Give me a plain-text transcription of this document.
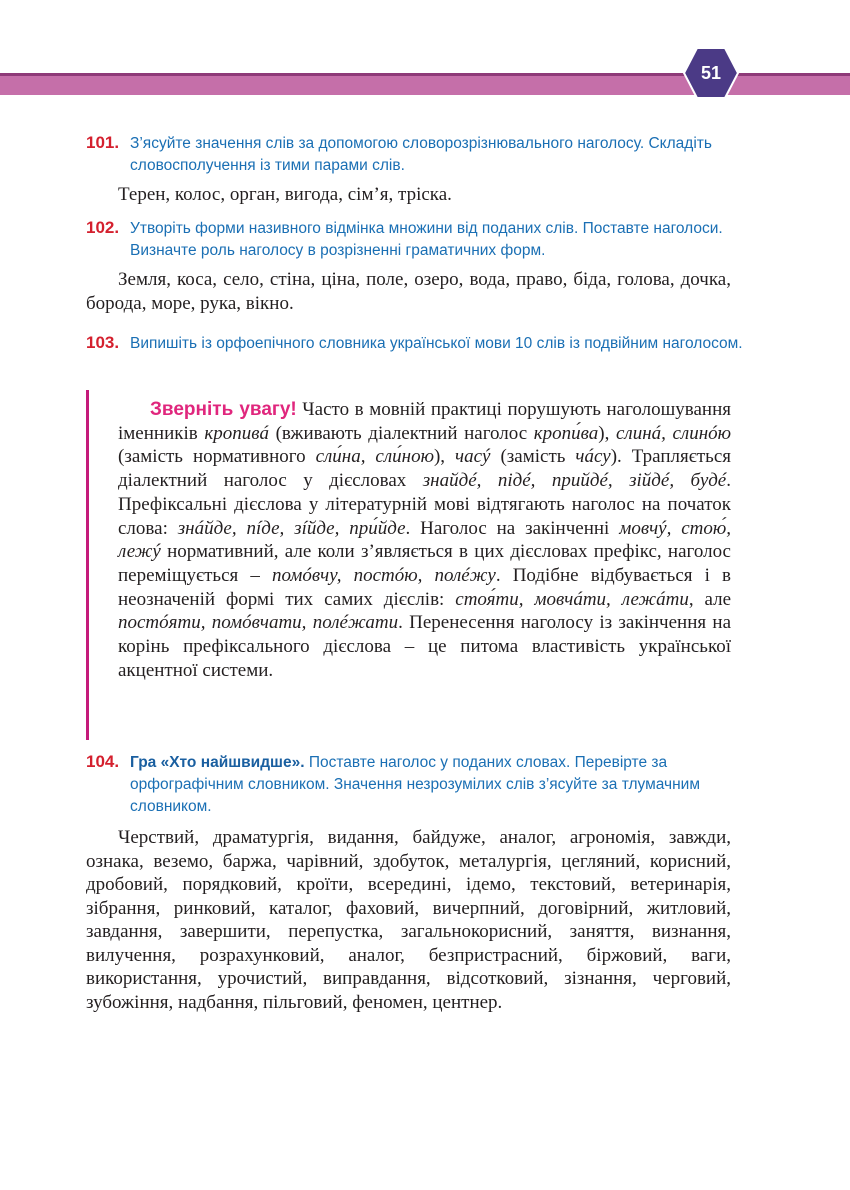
51
101. З’ясуйте значення слів за допомогою словорозрізнювального наголосу. Складіть словосполучення із тими парами слів.
Терен, колос, орган, вигода, сім’я, тріска.
102. Утворіть форми називного відмінка множини від поданих слів. Поставте наголоси. Визначте роль наголосу в розрізненні граматичних форм.
Земля, коса, село, стіна, ціна, поле, озеро, вода, право, біда, голова, дочка, борода, море, рука, вікно.
103. Випишіть із орфоепічного словника української мови 10 слів із подвійним наголосом.
Зверніть увагу! Часто в мовній практиці порушують наголошування іменників кропивá (вживають діалектний наголос кропи́ва), слинá, слинóю (замість нормативного сли́на, сли́ною), часý (замість чáсу). Трапляється діалектний наголос у дієсловах знайдé, підé, прийдé, зійдé, будé. Префіксальні дієслова у літературній мові відтягають наголос на початок слова: знáйде, пíде, зíйде, при́йде. Наголос на закінченні мовчý, стою́, лежý нормативний, але коли з’являється в цих дієсловах префікс, наголос переміщується – помóвчу, постóю, полéжу. Подібне відбувається і в неозначеній формі тих самих дієслів: стоя́ти, мовчáти, лежáти, але постóяти, помóвчати, полéжати. Перенесення наголосу із закінчення на корінь префіксального дієслова – це питома властивість української акцентної системи.
104. Гра «Хто найшвидше». Поставте наголос у поданих словах. Перевірте за орфографічним словником. Значення незрозумілих слів з’ясуйте за тлумачним словником.
Черствий, драматургія, видання, байдуже, аналог, агрономія, завжди, ознака, веземо, баржа, чарівний, здобуток, металургія, цегляний, корисний, дробовий, порядковий, кроїти, всередині, ідемо, текстовий, ветеринарія, зібрання, ринковий, каталог, фаховий, вичерпний, договірний, житловий, завдання, завершити, перепустка, загальнокорисний, заняття, визнання, вилучення, розрахунковий, аналог, безпристрасний, біржовий, ваги, використання, урочистий, виправдання, відсотковий, зізнання, черговий, зубожіння, надбання, пільговий, феномен, центнер.
